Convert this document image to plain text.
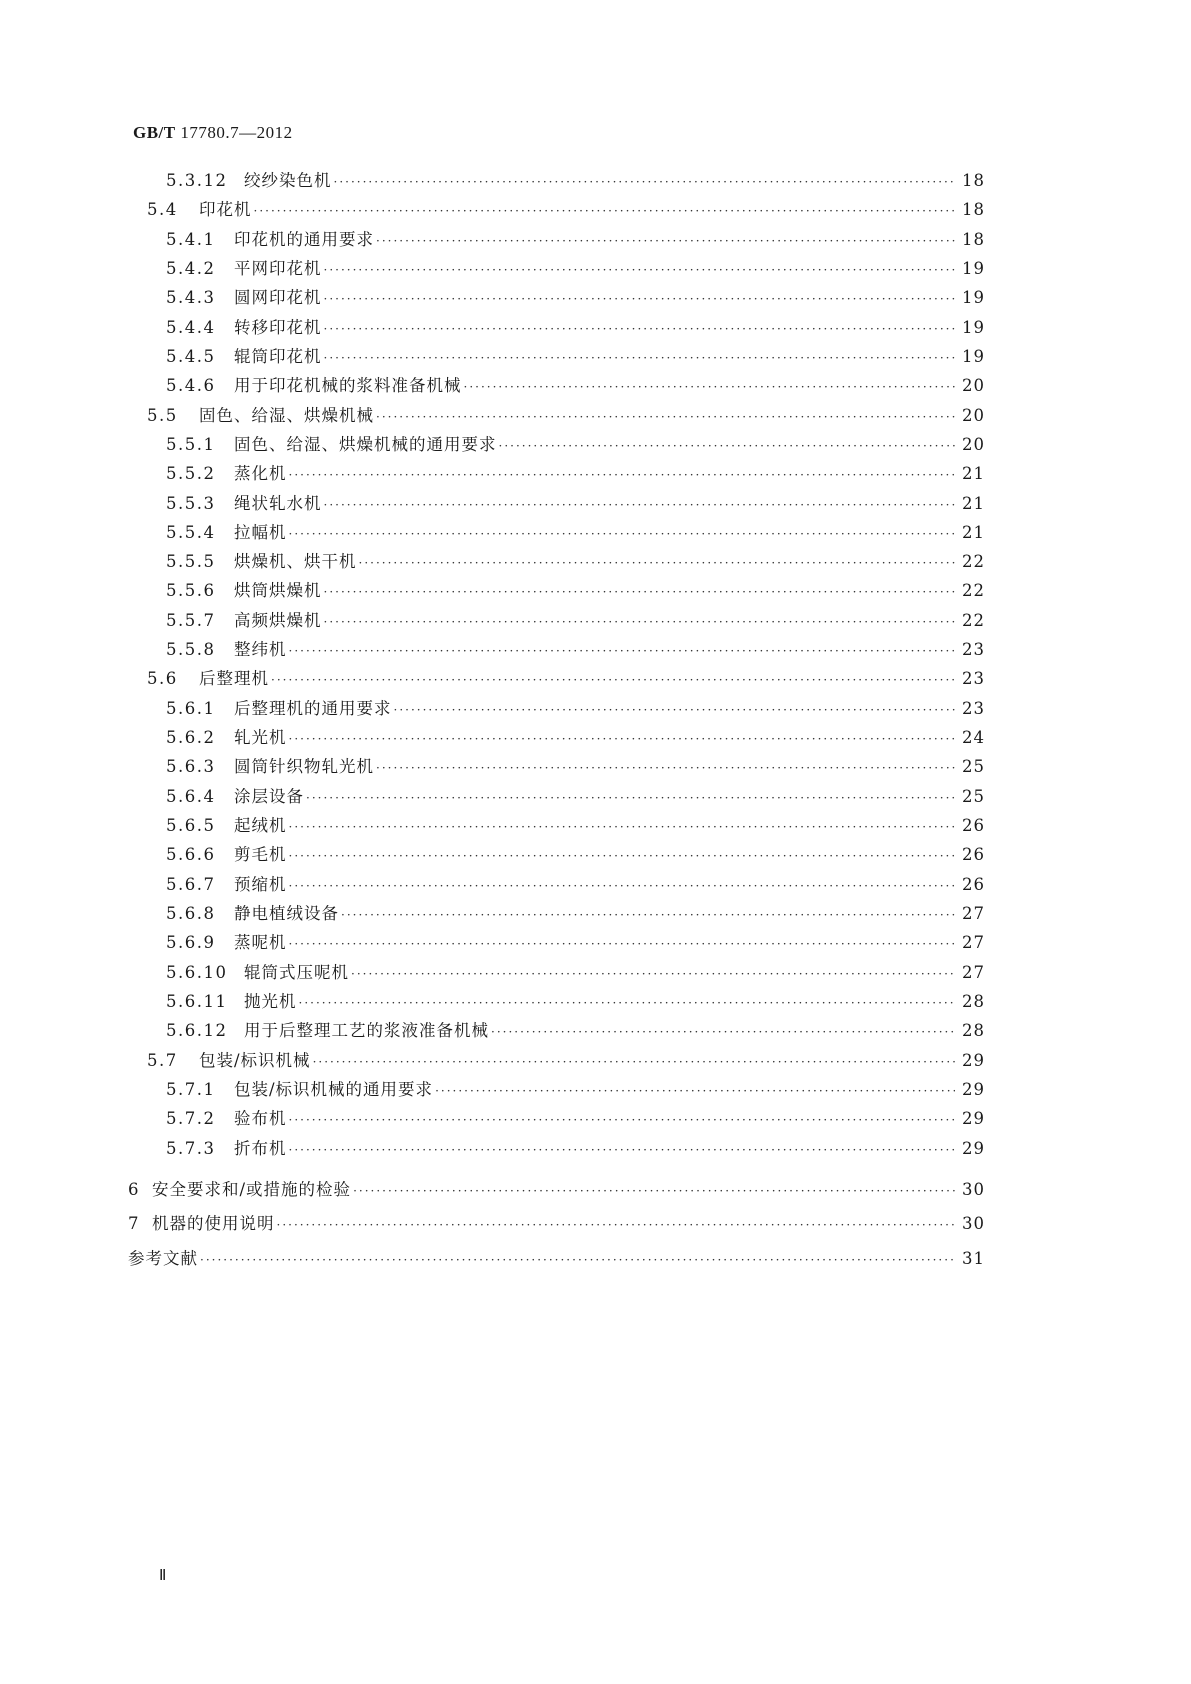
GB/T 17780.7—2012
5.3.12	绞纱染色机 ·····	18
5.4	印花机 ·····	18
5.4.1	印花机的通用要求 ·····	18
5.4.2	平网印花机 ·····	19
5.4.3	圆网印花机 ·····	19
5.4.4	转移印花机 ·····	19
5.4.5	辊筒印花机 ·····	19
5.4.6	用于印花机械的浆料准备机械 ·····	20
5.5	固色、给湿、烘燥机械 ·····	20
5.5.1	固色、给湿、烘燥机械的通用要求 ·····	20
5.5.2	蒸化机 ·····	21
5.5.3	绳状轧水机 ·····	21
5.5.4	拉幅机 ·····	21
5.5.5	烘燥机、烘干机 ·····	22
5.5.6	烘筒烘燥机 ·····	22
5.5.7	高频烘燥机 ·····	22
5.5.8	整纬机 ·····	23
5.6	后整理机 ·····	23
5.6.1	后整理机的通用要求 ·····	23
5.6.2	轧光机 ·····	24
5.6.3	圆筒针织物轧光机 ·····	25
5.6.4	涂层设备 ·····	25
5.6.5	起绒机 ·····	26
5.6.6	剪毛机 ·····	26
5.6.7	预缩机 ·····	26
5.6.8	静电植绒设备 ·····	27
5.6.9	蒸呢机 ·····	27
5.6.10	辊筒式压呢机 ·····	27
5.6.11	抛光机 ·····	28
5.6.12	用于后整理工艺的浆液准备机械 ·····	28
5.7	包装/标识机械 ·····	29
5.7.1	包装/标识机械的通用要求 ·····	29
5.7.2	验布机 ·····	29
5.7.3	折布机 ·····	29
6 安全要求和/或措施的检验 ·····	30
7 机器的使用说明 ·····	30
参考文献 ·····	31
Ⅱ
